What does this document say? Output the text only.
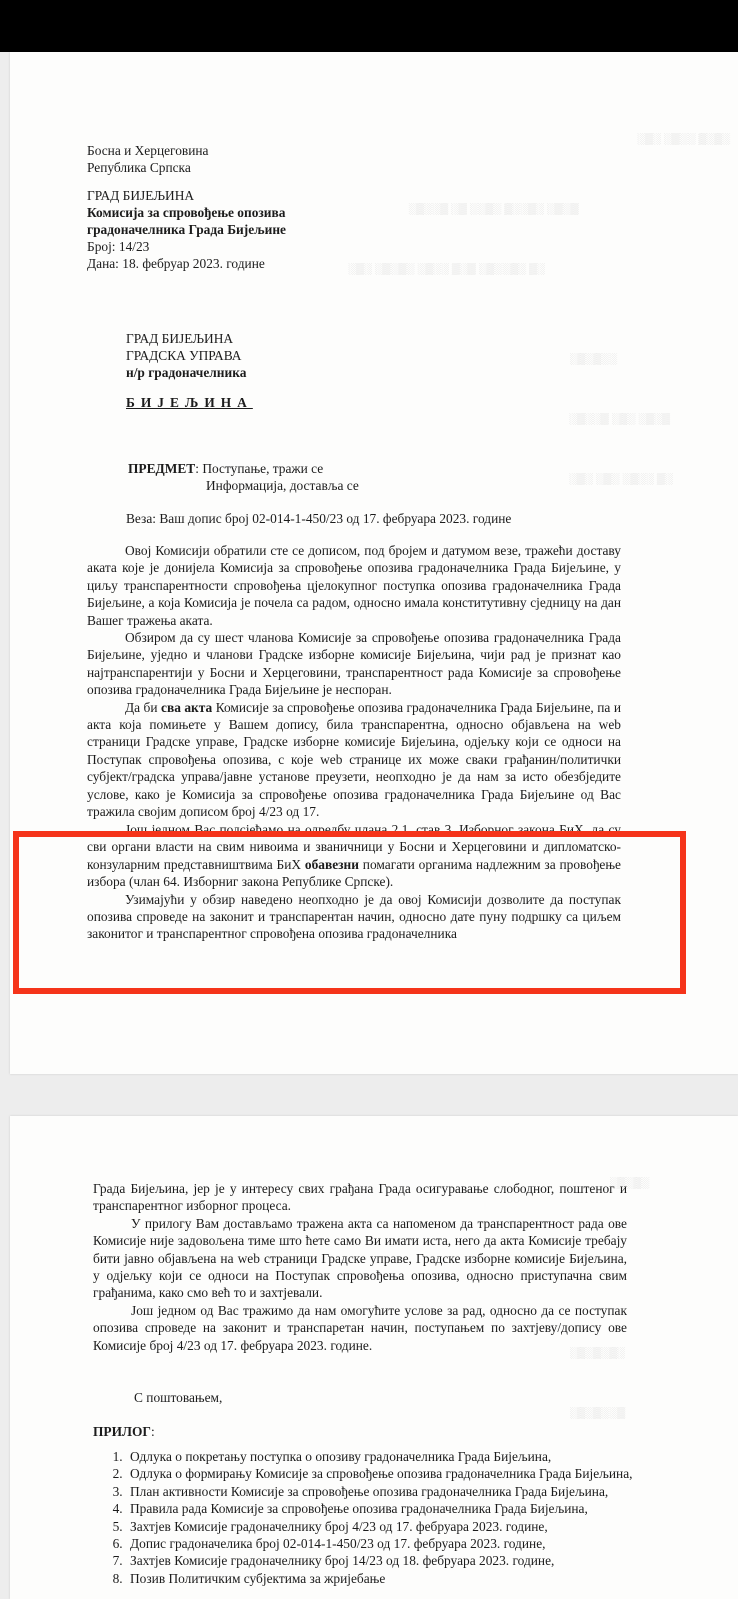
░▒░ ░▒░░ ▒░▒░
░▒░░▒ ░▒ ░░▒░ ▒░░▒░ ░▒░▒
░▒░ ░▒░▒░ ░▒░░ ▒░▒ ░▒░░▒░ ▒░
░▒░▒░░
░▒░░▒ ░▒░ ░▒░▒
░▒░ ░▒░ ░▒░░ ▒░
Босна и Херцеговина
Република Српска
ГРАД БИЈЕЉИНА
Комисија за спровођење опозива
градоначелника Града Бијељине
Број: 14/23
Дана: 18. фебруар 2023. године
ГРАД БИЈЕЉИНА
ГРАДСКА УПРАВА
н/р градоначелника
БИЈЕЉИНА
ПРЕДМЕТ: Поступање, тражи се
Информација, доставља се
Веза: Ваш допис број 02-014-1-450/23 од 17. фебруара 2023. године

Овој Комисији обратили сте се дописом, под бројем и датумом везе, тражећи доставу аката које је донијела Комисија за спровођење опозива градоначелника Града Бијељине, у циљу транспарентности спровођења цјелокупног поступка опозива градоначелника Града Бијељине, а која Комисија је почела са радом, односно имала конститутивну сједницу на дан Вашег тражења аката.

Обзиром да су шест чланова Комисије за спровођење опозива градоначелника Града Бијељине, уједно и чланови Градске изборне комисије Бијељина, чији рад је признат као најтранспарентији у Босни и Херцеговини, транспарентност рада Комисије за спровођење опозива градоначелника Града Бијељине је неспоран.

Да би сва акта Комисије за спровођење опозива градоначелника Града Бијељине, па и акта која помињете у Вашем допису, била транспарентна, односно објављена на web страници Градске управе, Градске изборне комисије Бијељина, одјељку који се односи на Поступак спровођења опозива, с које web странице их може сваки грађанин/политички субјект/градска управа/јавне установе преузети, неопходно је да нам за исто обезбједите услове, како је Комисија за спровођење опозива градоначелника Града Бијељине од Вас тражила својим дописом број 4/23 од 17.

Још једном Вас подсјећамо на одредбу члана 2.1. став 3. Изборног закона БиХ, да су сви органи власти на свим нивоима и званичници у Босни и Херцеговини и дипломатско-конзуларним представништвима БиХ обавезни помагати органима надлежним за провођење избора (члан 64. Изборниг закона Републике Српске).

Узимајући у обзир наведено неопходно је да овој Комисији дозволите да поступак опозива спроведе на законит и транспарентан начин, односно дате пуну подршку са циљем законитог и транспарентног спровођена опозива градоначелника

░▒░▒░
░▒░▒░▒░
░▒░▒░░▒

Града Бијељина, јер је у интересу свих грађана Града осигуравање слободног, поштеног и транспарентног изборног процеса.

У прилогу Вам достављамо тражена акта са напоменом да транспарентност рада ове Комисије није задовољена тиме што ћете само Ви имати иста, него да акта Комисије требају бити јавно објављена на web страници Градске управе, Градске изборне комисије Бијељина, у одјељку који се односи на Поступак спровођења опозива, односно приступачна свим грађанима, како смо већ то и захтјевали.

Још једном од Вас тражимо да нам омогућите услове за рад, односно да се поступак опозива спроведе на законит и транспаретан начин, поступањем по захтјеву/допису ове Комисије број 4/23 од 17. фебруара 2023. године.

С поштовањем,
ПРИЛОГ:
1. Одлука о покретању поступка о опозиву градоначелника Града Бијељина,
2. Одлука о формирању Комисије за спровођење опозива градоначелника Града Бијељина,
3. План активности Комисије за спровођење опозива градоначелника Града Бијељина,
4. Правила рада Комисије за спровођење опозива градоначелника Града Бијељина,
5. Захтјев Комисије градоначелнику број 4/23 од 17. фебруара 2023. године,
6. Допис градоначелика број 02-014-1-450/23 од 17. фебруара 2023. године,
7. Захтјев Комисије градоначелнику број 14/23 од 18. фебруара 2023. године,
8. Позив Политичким субјектима за жријебање
